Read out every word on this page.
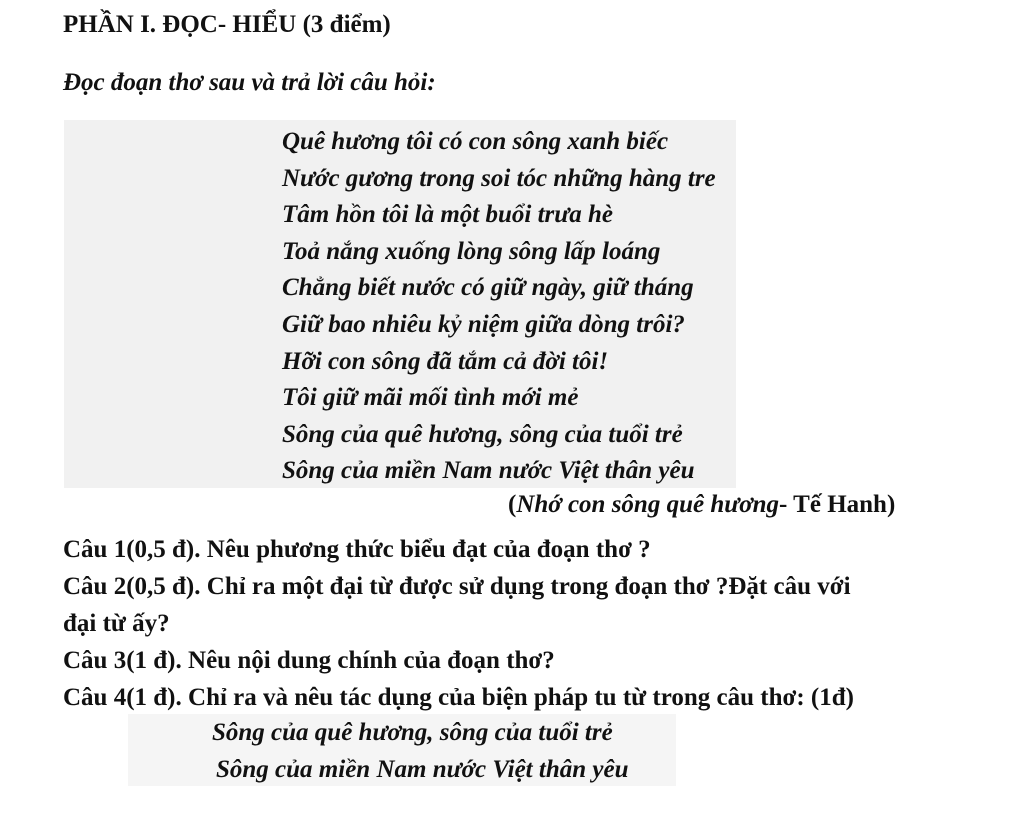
PHẦN I. ĐỌC- HIỂU (3 điểm)
Đọc đoạn thơ sau và trả lời câu hỏi:
Quê hương tôi có con sông xanh biếc
Nước gương trong soi tóc những hàng tre
Tâm hồn tôi là một buổi trưa hè
Toả nắng xuống lòng sông lấp loáng
Chẳng biết nước có giữ ngày, giữ tháng
Giữ bao nhiêu kỷ niệm giữa dòng trôi?
Hỡi con sông đã tắm cả đời tôi!
Tôi giữ mãi mối tình mới mẻ
Sông của quê hương, sông của tuổi trẻ
Sông của miền Nam nước Việt thân yêu
(Nhớ con sông quê hương- Tế Hanh)
Câu 1(0,5 đ). Nêu phương thức biểu đạt của đoạn thơ ?
Câu 2(0,5 đ). Chỉ ra một đại từ được sử dụng trong đoạn thơ ?Đặt câu với
đại từ ấy?
Câu 3(1 đ). Nêu nội dung chính của đoạn thơ?
Câu 4(1 đ). Chỉ ra và nêu tác dụng của biện pháp tu từ trong câu thơ: (1đ)
Sông của quê hương, sông của tuổi trẻ
Sông của miền Nam nước Việt thân yêu
